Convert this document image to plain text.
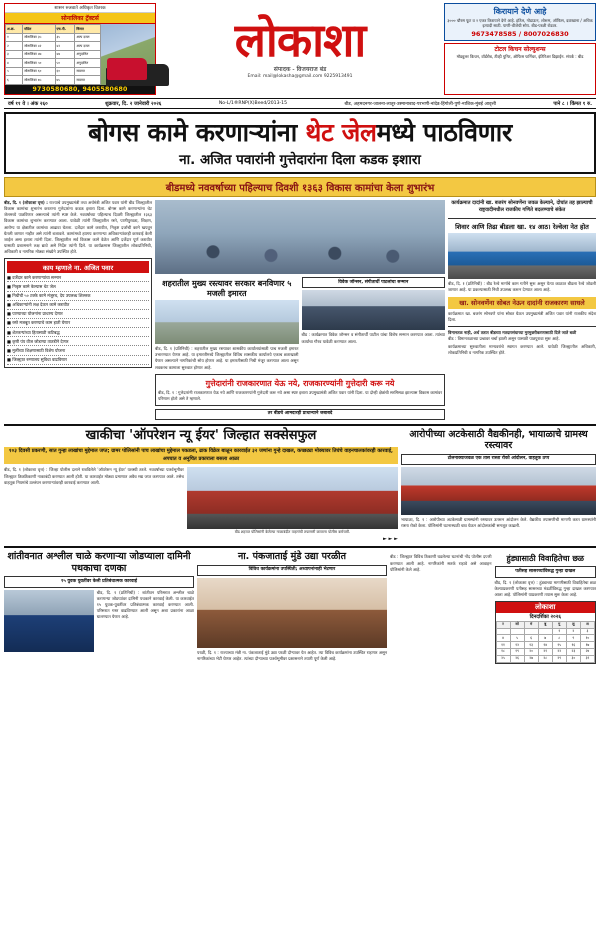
शासन रुजवाते अधिकृत वितरक
सोनालिका ट्रॅक्टर्स
अ.क्र.	मॉडेल	एच.पी.	किंमत
१	सोनालिका ३५	३५	अल्प दरात
२	सोनालिका ४२	४२	अल्प दरात
३	सोनालिका ४७	४७	अनुदानित
४	सोनालिका ५०	५०	अनुदानित
५	सोनालिका ६०	६०	सवलत
६	सोनालिका ७५	७५	सवलत
9730580680, 9405580680
लोकाशा
संपादक - विजयराज बंड
Email: mail@lokasha@gmail.com 9225913491
किरायाने देणे आहे
३००० चौरस फूट व २ एकर किरायाने देणे आहे. हॉटेल, गोडाऊन, शोरूम, ऑफिस, दवाखाना / अधिक इत्यादी साठी. पाणी-वीजेची सोय. बीड-परळी रोडवर.
9673478585 / 8007026830
टोटल किचन सोल्युशन्स
मॉड्युलर किचन, वॉर्डरोब, टीव्ही युनिट, ऑफिस फर्निचर, इंटिरिअर डिझाईन. संपर्क : बीड
वर्ष ११ वे । अंक २६०	शुक्रवार, दि. २ जानेवारी २०२६	No-L/1®RNP(X)Beed/2013-15	बीड, अहमदनगर-जालना-लातूर-उस्मानाबाद-परभणी-नांदेड-हिंगोली-पुणे-नाशिक-मुंबई आवृत्ती	पाने ८ । किंमत १ रु.
बोगस कामे करणाऱ्यांना थेट जेलमध्ये पाठविणार
ना. अजित पवारांनी गुत्तेदारांना दिला कडक इशारा
बीडमध्ये नववर्षाच्या पहिल्याच दिवशी १३६३ विकास कामांचा केला शुभारंभ
बीड, दि. १ (लोकाशा वृत्त) : राज्याचे उपमुख्यमंत्री तथा अर्थमंत्री अजित पवार यांनी बीड जिल्ह्यातील विकास कामांचा शुभारंभ करताना गुत्तेदारांना कडक इशारा दिला. बोगस कामे करणाऱ्यांना थेट जेलमध्ये पाठविणार असल्याचे त्यांनी स्पष्ट केले. नववर्षाच्या पहिल्याच दिवशी जिल्ह्यातील १३६३ विकास कामांचा शुभारंभ करण्यात आला. यावेळी त्यांनी जिल्ह्यातील रस्ते, पाणीपुरवठा, शिक्षण, आरोग्य या क्षेत्रातील कामांचा आढावा घेतला. दर्जेदार कामे करावीत, निकृष्ट दर्जाची कामे खपवून घेतली जाणार नाहीत असे त्यांनी बजावले. कामांमध्ये हयगय करणाऱ्या अधिकाऱ्यांवरही कारवाई केली जाईल असा इशारा त्यांनी दिला. जिल्ह्यातील सर्व विकास कामे वेळेत आणि दर्जेदार पूर्ण करावीत यासाठी प्रशासनाने लक्ष द्यावे असे निर्देश त्यांनी दिले. या कार्यक्रमास जिल्ह्यातील लोकप्रतिनिधी, अधिकारी व नागरिक मोठ्या संख्येने उपस्थित होते.
काय म्हणाले ना. अजित पवार
■ दर्जेदार कामे करणाऱ्यांचा सन्मान
■ निकृष्ट कामे केल्यास थेट जेल
■ निधीची ५० टक्के कामे मंजूरच, देय उपलब्ध शिल्लक
■ अधिकाऱ्यांनी लक्ष देऊन कामे करावीत
■ पाण्याच्या योजनांना प्राधान्य देणार
■ रस्ते मजबूत करण्याचे काम हाती घेणार
■ शेतकऱ्यांच्या हितासाठी कटिबद्ध
■ कृषी पंप वीज जोडण्या तातडीने देणार
■ मुलींच्या शिक्षणासाठी विशेष योजना
■ जिल्ह्यात रुग्णालय सुविधा वाढविणार
शहरातील मुख्य रस्त्यावर सरकार बनविणार ५ मजली इमारत
बीड, दि. १ (प्रतिनिधी) : शहरातील मुख्य रस्त्यावर शासकीय कार्यालयांसाठी पाच मजली इमारत उभारण्यात येणार आहे. या इमारतीमध्ये जिल्ह्यातील विविध शासकीय कार्यालये एकाच छताखाली येणार असल्याने नागरिकांची सोय होणार आहे. या इमारतीसाठी निधी मंजूर करण्यात आला असून लवकरच कामाला सुरुवात होणार आहे.
विवेक जॉन्सन, संगीतार्थी पाटलांचा सन्मान
बीड : कार्यक्रमात विवेक जॉन्सन व संगीतार्थी पाटील यांचा विशेष सन्मान करण्यात आला. त्यांच्या कार्याचा गौरव यावेळी करण्यात आला.
गुत्तेदारांनी राजकारणात येऊ नये, राजकारण्यांनी गुत्तेदारी करू नये
बीड, दि. १ : गुत्तेदारांनी राजकारणात येऊ नये आणि राजकारण्यांनी गुत्तेदारी करू नये असा स्पष्ट इशारा उपमुख्यमंत्री अजित पवार यांनी दिला. या दोन्ही क्षेत्रांची सरमिसळ झाल्यास विकास कामांवर परिणाम होतो असे ते म्हणाले.
तर बीडचे आमदारही प्राधान्याने जबाबदे
कार्यक्रमात दादांनी खा. बजरंग सोनवणेंना जवळ केल्याने, दोघांत तह झाल्याची राष्ट्रवादीमधील राजकीय गणिते बदलण्याचे संकेत
शिवार आणि तिढा बीडला खा. १४ आठ। रेल्वेला नेत होत
बीड, दि. १ (प्रतिनिधी) : बीड रेल्वे मार्गाचे काम गतीने सुरू असून येत्या काळात बीडला रेल्वे जोडली जाणार आहे. या प्रकल्पासाठी निधी उपलब्ध करून देण्यात आला आहे.
खा. सोनवणेंना सोबत नेऊन दादांनी राजकारण साधले
कार्यक्रमात खा. बजरंग सोनवणे यांना सोबत घेऊन उपमुख्यमंत्री अजित पवार यांनी राजकीय संदेश दिला.
विमानतळ नाही, अर्थ ततात बीडच्या मतदारसंघाच्या मुरमुक्तीकरणासाठी दिले जाते बळी
बीड : विमानतळाच्या प्रश्नावर चर्चा झाली असून यासाठी पाठपुरावा सुरू आहे.
कार्यक्रमाच्या सुरुवातीला मान्यवरांचे स्वागत करण्यात आले. यावेळी जिल्ह्यातील अधिकारी, लोकप्रतिनिधी व नागरिक उपस्थित होते.
खाकीचा 'ऑपरेशन न्यू ईयर' जिल्हात सक्सेसफुल
१०३ दिवसी प्रकरणी, सात गुन्हा लाखांचा मुद्देमाल जप्त; ग्रामर पोलिसांनी पाच लाखांचा मुद्देमाल पकडला, ढाक विक्रेत्र बाळून कारवाईत ३२ जणांना गुन्हे दाखल, कच्छट्या मोक्यावर तिघंचे वाहनचालकांवरही कारवाई, अपघात व अनुचित प्रकाराला बसला आळा
बीड, दि. १ (लोकाशा वृत्त) : जिल्हा पोलीस दलाने राबविलेले 'ऑपरेशन न्यू ईयर' यशस्वी ठरले. नववर्षाच्या पार्श्वभूमीवर जिल्ह्यात ठिकठिकाणी नाकाबंदी करण्यात आली होती. या कारवाईत मोठ्या प्रमाणात अवैध मद्य जप्त करण्यात आले. तसेच वाहतूक नियमांचे उल्लंघन करणाऱ्यांवरही कारवाई करण्यात आली.
बीड शहरात पोलिसांनी केलेल्या नाकाबंदीत वाहनांची तपासणी करताना पोलीस कर्मचारी.
► ► ►
आरोपीच्या अटकेसाठी वैद्यकीनही, भायाळाचे ग्रामस्थ रस्त्यावर
टोलनाक्याजवळ एक तास रास्ता रोको आंदोलन, वाहतूक ठप्प
भायाळा, दि. १ : आरोपीच्या अटकेसाठी ग्रामस्थांनी रस्त्यावर उतरून आंदोलन केले. वैद्यकीय तपासणीची मागणी करत ग्रामस्थांनी रास्ता रोको केला. पोलिसांनी घटनास्थळी धाव घेऊन आंदोलकांची समजूत काढली.
शांतीवनात अश्लील चाळे करणाऱ्या जोडप्याला दामिनी पथकाचा दणका
१५ युवक युवतींवर केली प्रतिबंधात्मक कारवाई
बीड, दि. १ (प्रतिनिधी) : शांतीवन परिसरात अश्लील चाळे करणाऱ्या जोडप्यांवर दामिनी पथकाने कारवाई केली. या कारवाईत १५ युवक-युवतींवर प्रतिबंधात्मक कारवाई करण्यात आली. परिसरात गस्त वाढविण्यात आली असून अशा प्रकारांना आळा घालण्यात येणार आहे.
ना. पंकजाताई मुंडे उद्या परळीत
विविध कार्यक्रमांना उपस्थिती; अध्यापनांनाही भेटणार
परळी, दि. १ : राज्याच्या मंत्री ना. पंकजाताई मुंडे उद्या परळी दौऱ्यावर येत आहेत. त्या विविध कार्यक्रमांना उपस्थित राहणार असून नागरिकांच्या भेटी घेणार आहेत. त्यांच्या दौऱ्याच्या पार्श्वभूमीवर प्रशासनाने तयारी पूर्ण केली आहे.
बीड : जिल्ह्यात विविध ठिकाणी घडलेल्या घटनांची नोंद पोलीस दप्तरी करण्यात आली आहे. नागरिकांनी सतर्क राहावे असे आवाहन पोलिसांनी केले आहे.
हुंड्यासाठी विवाहितेचा छळ
पतीसह सासरच्यांविरुद्ध गुन्हा दाखल
बीड, दि. १ (लोकाशा वृत्त) : हुंड्याच्या मागणीसाठी विवाहितेचा छळ केल्याप्रकरणी पतीसह सासरच्या मंडळींविरुद्ध गुन्हा दाखल करण्यात आला आहे. पोलिसांनी याप्रकरणी तपास सुरू केला आहे.
लोकाशा
दिनदर्शिका २०२६
र	सो	मं	बु	गु	शु	श
				१	२	३
४	५	६	७	८	९	१०
११	१२	१३	१४	१५	१६	१७
१८	१९	२०	२१	२२	२३	२४
२५	२६	२७	२८	२९	३०	३१
